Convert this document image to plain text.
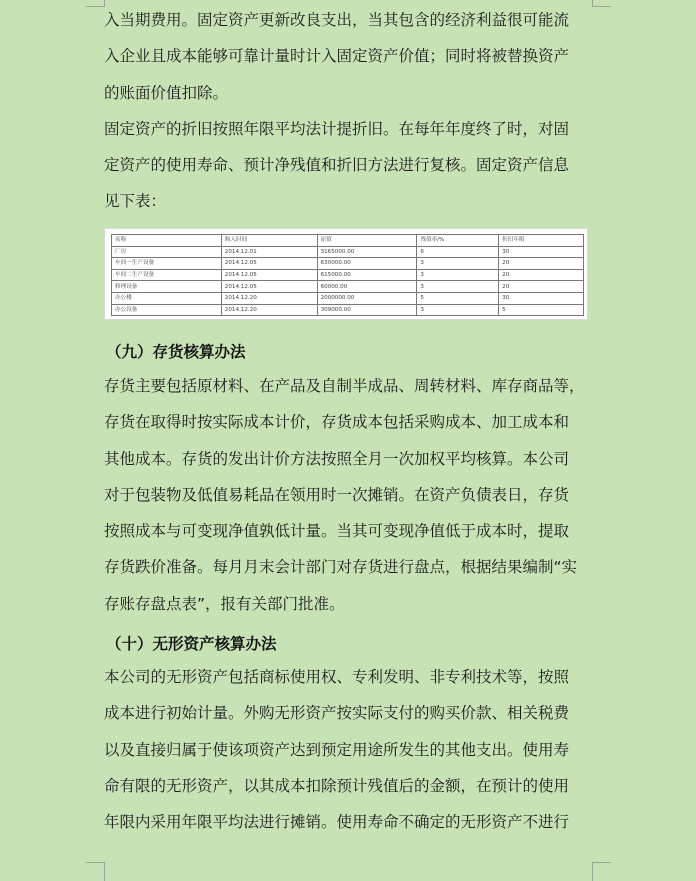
入当期费用。固定资产更新改良支出，当其包含的经济利益很可能流
入企业且成本能够可靠计量时计入固定资产价值；同时将被替换资产
的账面价值扣除。
固定资产的折旧按照年限平均法计提折旧。在每年年度终了时，对固
定资产的使用寿命、预计净残值和折旧方法进行复核。固定资产信息
见下表：
名称	购入时间	原值	残值率/%	折旧年限
厂房	2014.12.01	3165000.00	6	30
车间一生产设备	2014.12.05	630000.00	3	20
车间二生产设备	2014.12.05	615000.00	3	20
修理设备	2014.12.05	60000.00	3	20
办公楼	2014.12.20	2000000.00	5	30
办公设备	2014.12.20	309000.00	3	5
（九）存货核算办法
存货主要包括原材料、在产品及自制半成品、周转材料、库存商品等，
存货在取得时按实际成本计价，存货成本包括采购成本、加工成本和
其他成本。存货的发出计价方法按照全月一次加权平均核算。本公司
对于包装物及低值易耗品在领用时一次摊销。在资产负债表日，存货
按照成本与可变现净值孰低计量。当其可变现净值低于成本时，提取
存货跌价准备。每月月末会计部门对存货进行盘点，根据结果编制“实
存账存盘点表”，报有关部门批准。
（十）无形资产核算办法
本公司的无形资产包括商标使用权、专利发明、非专利技术等，按照
成本进行初始计量。外购无形资产按实际支付的购买价款、相关税费
以及直接归属于使该项资产达到预定用途所发生的其他支出。使用寿
命有限的无形资产，以其成本扣除预计残值后的金额，在预计的使用
年限内采用年限平均法进行摊销。使用寿命不确定的无形资产不进行
